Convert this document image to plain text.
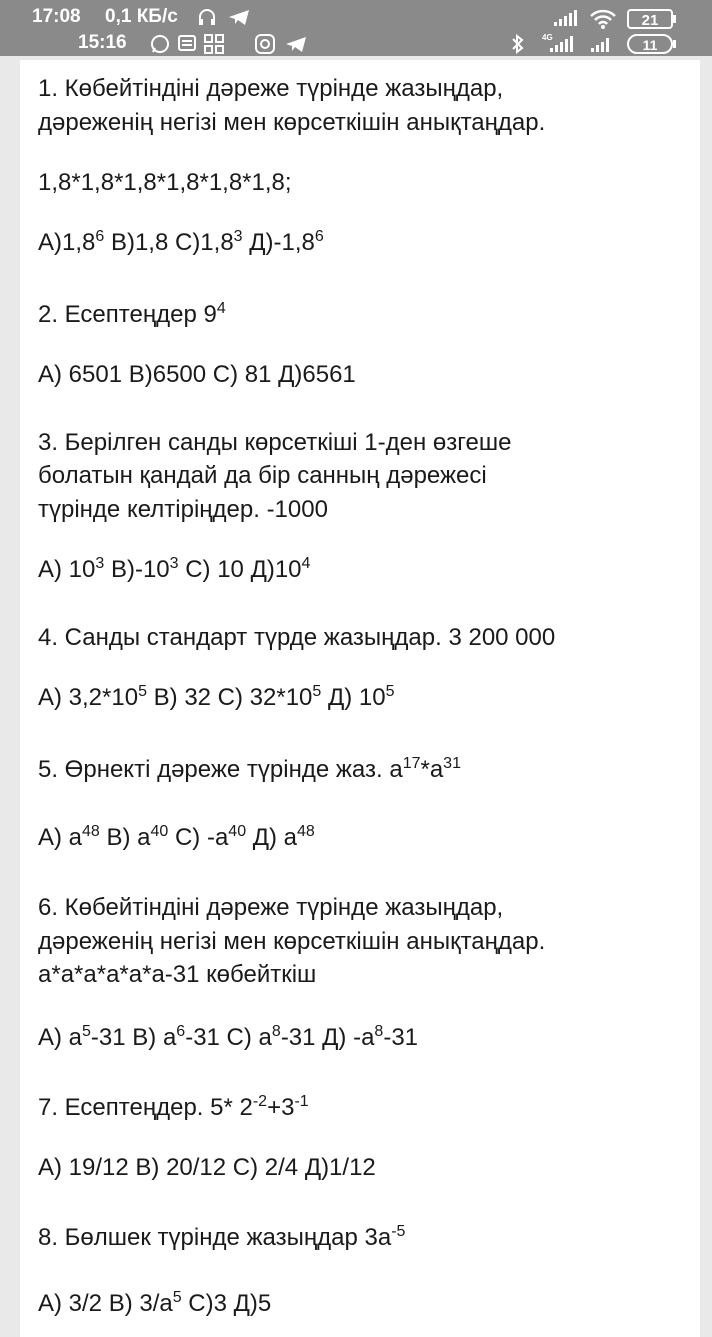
17:08 0,1 КБ/с	21
15:16	4G	11
1. Көбейтіндіні дәреже түрінде жазыңдар,
дәреженің негізі мен көрсеткішін анықтаңдар.
1,8*1,8*1,8*1,8*1,8*1,8;
$А)1,8^6$ В)1,8 $С)1,8^3$ $Д)-1,8^6$
2. Есептеңдер $9^4$
А) 6501 В)6500 С) 81 Д)6561
3. Берілген санды көрсеткіші 1-ден өзгеше
болатын қандай да бір санның дәрежесі
түрінде келтіріңдер. -1000
А) $10^3$ $В)-10^3$ С) 10 $Д)10^4$
4. Санды стандарт түрде жазыңдар. 3 200 000
А) $3,2*10^5$ В) 32 С) $32*10^5$ Д) $10^5$
5. Өрнекті дәреже түрінде жаз. $а^{17}*а^{31}$
А) $а^{48}$ В) $а^{40}$ С) $-а^{40}$ Д) $а^{48}$
6. Көбейтіндіні дәреже түрінде жазыңдар,
дәреженің негізі мен көрсеткішін анықтаңдар.
а*а*а*а*а*а-31 көбейткіш
А) $а^5-31$ В) $а^6-31$ С) $а^8-31$ Д) $-а^8-31$
7. Есептеңдер. 5* $2^{-2}+3^{-1}$
А) 19/12 В) 20/12 С) 2/4 Д)1/12
8. Бөлшек түрінде жазыңдар $3а^{-5}$
А) 3/2 В) $3/а^5$ С)3 Д)5
